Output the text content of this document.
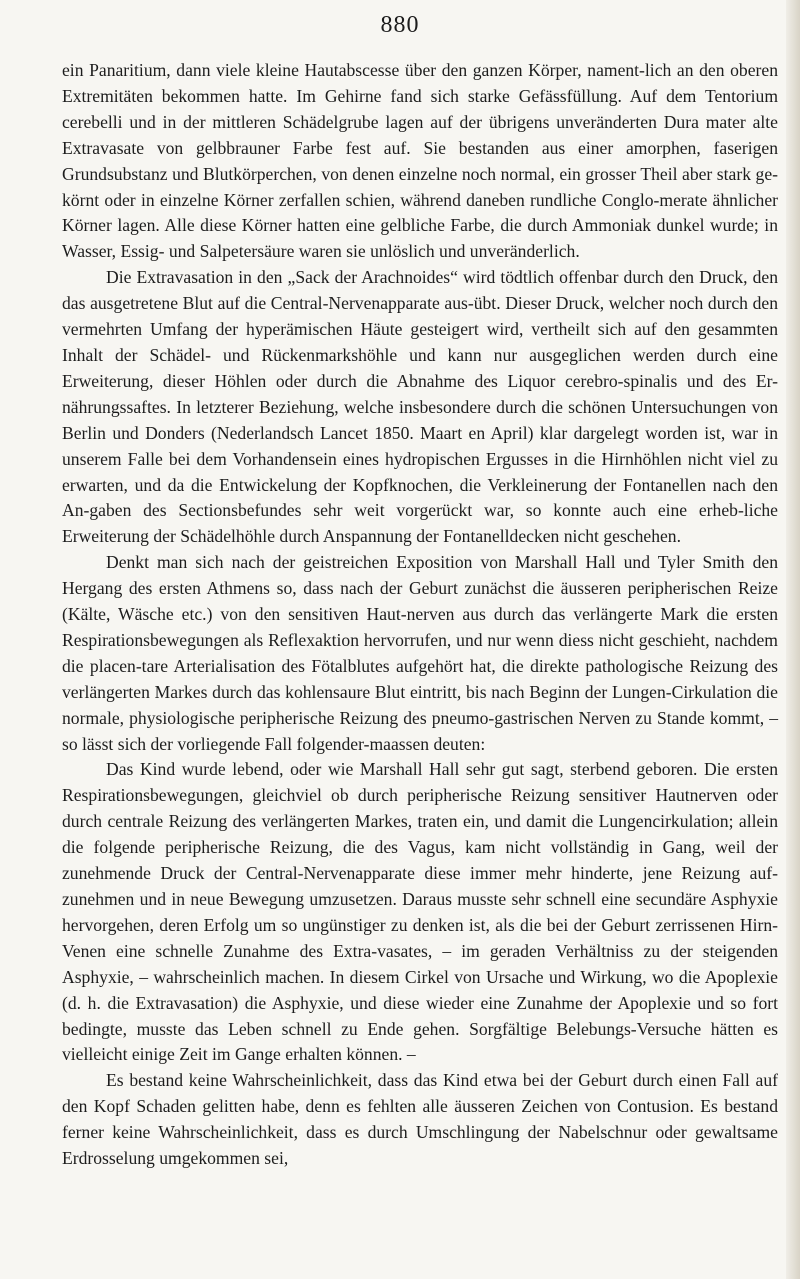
880

ein Panaritium, dann viele kleine Hautabscesse über den ganzen Körper, nament-lich an den oberen Extremitäten bekommen hatte. Im Gehirne fand sich starke Gefässfüllung. Auf dem Tentorium cerebelli und in der mittleren Schädelgrube lagen auf der übrigens unveränderten Dura mater alte Extravasate von gelbbrauner Farbe fest auf. Sie bestanden aus einer amorphen, faserigen Grundsubstanz und Blutkörperchen, von denen einzelne noch normal, ein grosser Theil aber stark ge-körnt oder in einzelne Körner zerfallen schien, während daneben rundliche Conglo-merate ähnlicher Körner lagen. Alle diese Körner hatten eine gelbliche Farbe, die durch Ammoniak dunkel wurde; in Wasser, Essig- und Salpetersäure waren sie unlöslich und unveränderlich.

Die Extravasation in den „Sack der Arachnoides“ wird tödtlich offenbar durch den Druck, den das ausgetretene Blut auf die Central-Nervenapparate aus-übt. Dieser Druck, welcher noch durch den vermehrten Umfang der hyperämischen Häute gesteigert wird, vertheilt sich auf den gesammten Inhalt der Schädel- und Rückenmarkshöhle und kann nur ausgeglichen werden durch eine Erweiterung, dieser Höhlen oder durch die Abnahme des Liquor cerebro-spinalis und des Er-nährungssaftes. In letzterer Beziehung, welche insbesondere durch die schönen Untersuchungen von Berlin und Donders (Nederlandsch Lancet 1850. Maart en April) klar dargelegt worden ist, war in unserem Falle bei dem Vorhandensein eines hydropischen Ergusses in die Hirnhöhlen nicht viel zu erwarten, und da die Entwickelung der Kopfknochen, die Verkleinerung der Fontanellen nach den An-gaben des Sectionsbefundes sehr weit vorgerückt war, so konnte auch eine erheb-liche Erweiterung der Schädelhöhle durch Anspannung der Fontanelldecken nicht geschehen.

Denkt man sich nach der geistreichen Exposition von Marshall Hall und Tyler Smith den Hergang des ersten Athmens so, dass nach der Geburt zunächst die äusseren peripherischen Reize (Kälte, Wäsche etc.) von den sensitiven Haut-nerven aus durch das verlängerte Mark die ersten Respirationsbewegungen als Reflexaktion hervorrufen, und nur wenn diess nicht geschieht, nachdem die placen-tare Arterialisation des Fötalblutes aufgehört hat, die direkte pathologische Reizung des verlängerten Markes durch das kohlensaure Blut eintritt, bis nach Beginn der Lungen-Cirkulation die normale, physiologische peripherische Reizung des pneumo-gastrischen Nerven zu Stande kommt, – so lässt sich der vorliegende Fall folgender-maassen deuten:

Das Kind wurde lebend, oder wie Marshall Hall sehr gut sagt, sterbend geboren. Die ersten Respirationsbewegungen, gleichviel ob durch peripherische Reizung sensitiver Hautnerven oder durch centrale Reizung des verlängerten Markes, traten ein, und damit die Lungencirkulation; allein die folgende peripherische Reizung, die des Vagus, kam nicht vollständig in Gang, weil der zunehmende Druck der Central-Nervenapparate diese immer mehr hinderte, jene Reizung auf-zunehmen und in neue Bewegung umzusetzen. Daraus musste sehr schnell eine secundäre Asphyxie hervorgehen, deren Erfolg um so ungünstiger zu denken ist, als die bei der Geburt zerrissenen Hirn-Venen eine schnelle Zunahme des Extra-vasates, – im geraden Verhältniss zu der steigenden Asphyxie, – wahrscheinlich machen. In diesem Cirkel von Ursache und Wirkung, wo die Apoplexie (d. h. die Extravasation) die Asphyxie, und diese wieder eine Zunahme der Apoplexie und so fort bedingte, musste das Leben schnell zu Ende gehen. Sorgfältige Belebungs-Versuche hätten es vielleicht einige Zeit im Gange erhalten können. –

Es bestand keine Wahrscheinlichkeit, dass das Kind etwa bei der Geburt durch einen Fall auf den Kopf Schaden gelitten habe, denn es fehlten alle äusseren Zeichen von Contusion. Es bestand ferner keine Wahrscheinlichkeit, dass es durch Umschlingung der Nabelschnur oder gewaltsame Erdrosselung umgekommen sei,
